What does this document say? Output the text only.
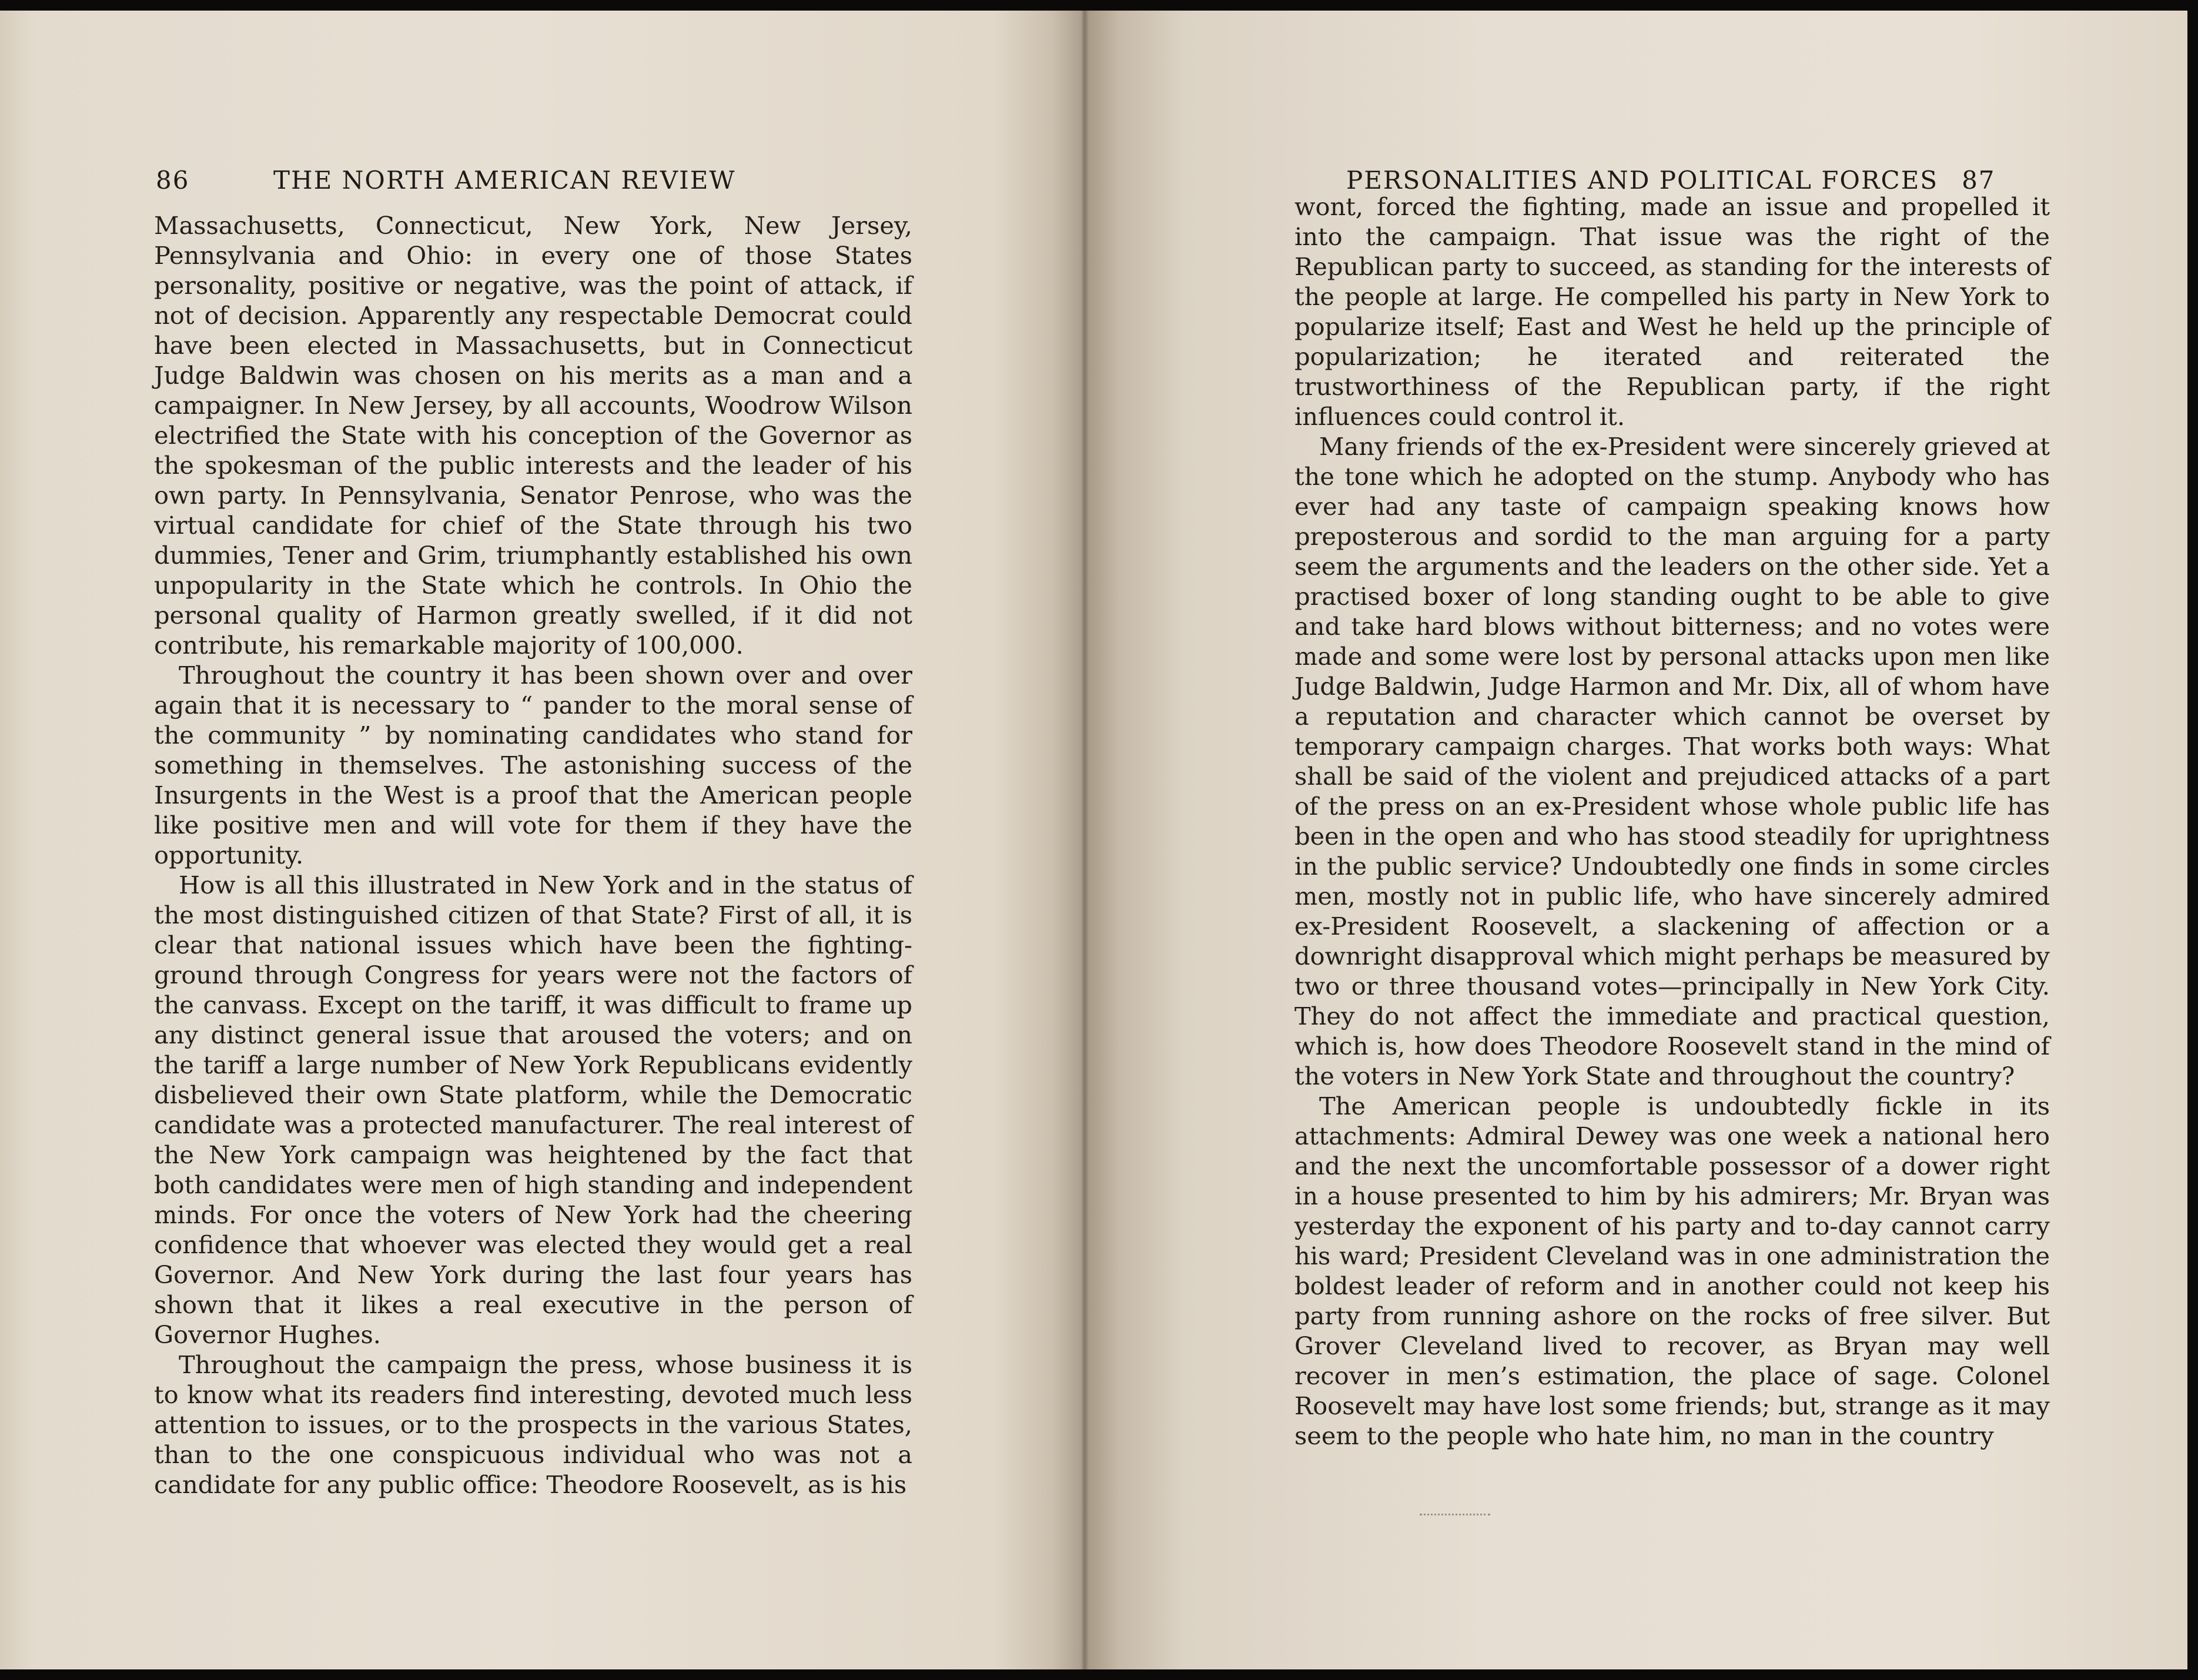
86	THE NORTH AMERICAN REVIEW	PERSONALITIES AND POLITICAL FORCES 87

Massachusetts, Connecticut, New York, New Jersey, Pennsylvania and Ohio: in every one of those States personality, positive or negative, was the point of attack, if not of decision. Apparently any respectable Democrat could have been elected in Massachusetts, but in Connecticut Judge Baldwin was chosen on his merits as a man and a campaigner. In New Jersey, by all accounts, Woodrow Wilson electrified the State with his conception of the Governor as the spokesman of the public interests and the leader of his own party. In Pennsylvania, Senator Penrose, who was the virtual candidate for chief of the State through his two dummies, Tener and Grim, triumphantly established his own unpopularity in the State which he controls. In Ohio the personal quality of Harmon greatly swelled, if it did not contribute, his remarkable majority of 100,000.

Throughout the country it has been shown over and over again that it is necessary to “ pander to the moral sense of the community ” by nominating candidates who stand for something in themselves. The astonishing success of the Insurgents in the West is a proof that the American people like positive men and will vote for them if they have the opportunity.

How is all this illustrated in New York and in the status of the most distinguished citizen of that State? First of all, it is clear that national issues which have been the fighting-ground through Congress for years were not the factors of the canvass. Except on the tariff, it was difficult to frame up any distinct general issue that aroused the voters; and on the tariff a large number of New York Republicans evidently disbelieved their own State platform, while the Democratic candidate was a protected manufacturer. The real interest of the New York campaign was heightened by the fact that both candidates were men of high standing and independent minds. For once the voters of New York had the cheering confidence that whoever was elected they would get a real Governor. And New York during the last four years has shown that it likes a real executive in the person of Governor Hughes.

Throughout the campaign the press, whose business it is to know what its readers find interesting, devoted much less attention to issues, or to the prospects in the various States, than to the one conspicuous individual who was not a candidate for any public office: Theodore Roosevelt, as is his

wont, forced the fighting, made an issue and propelled it into the campaign. That issue was the right of the Republican party to succeed, as standing for the interests of the people at large. He compelled his party in New York to popularize itself; East and West he held up the principle of popularization; he iterated and reiterated the trustworthiness of the Republican party, if the right influences could control it.

Many friends of the ex-President were sincerely grieved at the tone which he adopted on the stump. Anybody who has ever had any taste of campaign speaking knows how preposterous and sordid to the man arguing for a party seem the arguments and the leaders on the other side. Yet a practised boxer of long standing ought to be able to give and take hard blows without bitterness; and no votes were made and some were lost by personal attacks upon men like Judge Baldwin, Judge Harmon and Mr. Dix, all of whom have a reputation and character which cannot be overset by temporary campaign charges. That works both ways: What shall be said of the violent and prejudiced attacks of a part of the press on an ex-President whose whole public life has been in the open and who has stood steadily for uprightness in the public service? Undoubtedly one finds in some circles men, mostly not in public life, who have sincerely admired ex-President Roosevelt, a slackening of affection or a downright disapproval which might perhaps be measured by two or three thousand votes—principally in New York City. They do not affect the immediate and practical question, which is, how does Theodore Roosevelt stand in the mind of the voters in New York State and throughout the country?

The American people is undoubtedly fickle in its attachments: Admiral Dewey was one week a national hero and the next the uncomfortable possessor of a dower right in a house presented to him by his admirers; Mr. Bryan was yesterday the exponent of his party and to-day cannot carry his ward; President Cleveland was in one administration the boldest leader of reform and in another could not keep his party from running ashore on the rocks of free silver. But Grover Cleveland lived to recover, as Bryan may well recover in men’s estimation, the place of sage. Colonel Roosevelt may have lost some friends; but, strange as it may seem to the people who hate him, no man in the country
